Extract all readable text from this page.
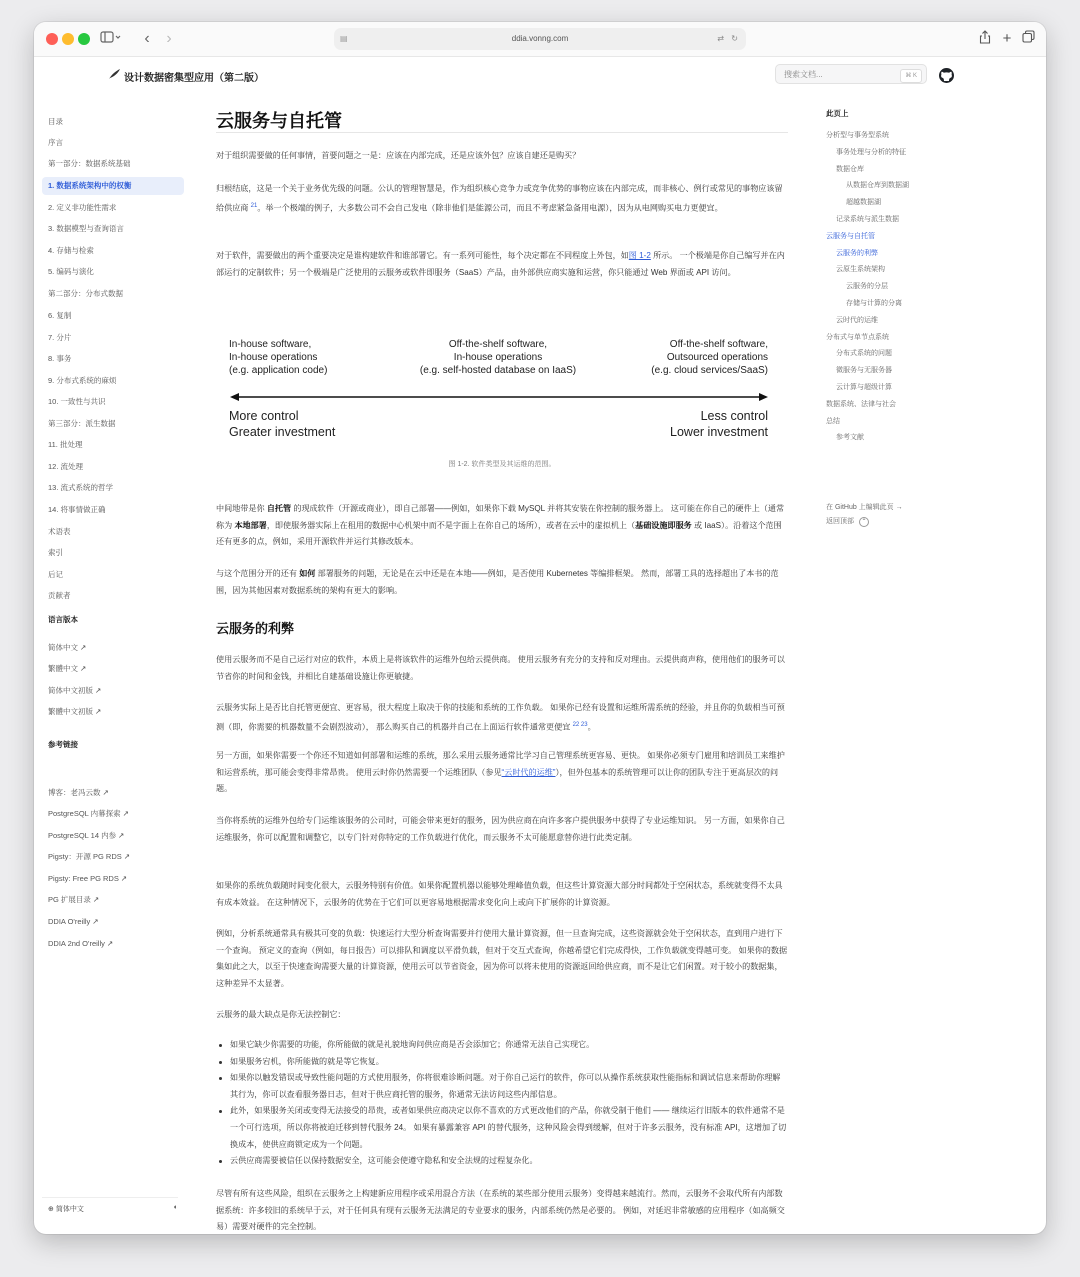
‹	›	ddia.vonng.com
▤	⇄ ↻	+
设计数据密集型应用（第二版）	搜索文档...	⌘ K
目录
序言
第一部分：数据系统基础
1. 数据系统架构中的权衡
2. 定义非功能性需求
3. 数据模型与查询语言
4. 存储与检索
5. 编码与演化
第二部分：分布式数据
6. 复制
7. 分片
8. 事务
9. 分布式系统的麻烦
10. 一致性与共识
第三部分：派生数据
11. 批处理
12. 流处理
13. 流式系统的哲学
14. 将事情做正确
术语表
索引
后记
贡献者
语言版本
简体中文 ↗
繁體中文 ↗
简体中文初版 ↗
繁體中文初版 ↗
参考链接
博客：老冯云数 ↗
PostgreSQL 内幕探索 ↗
PostgreSQL 14 内参 ↗
Pigsty：开源 PG RDS ↗
Pigsty: Free PG RDS ↗
PG 扩展目录 ↗
DDIA O'reilly ↗
DDIA 2nd O'reilly ↗
⊕ 简体中文	◐
云服务与自托管
对于组织需要做的任何事情，首要问题之一是：应该在内部完成，还是应该外包？应该自建还是购买？
归根结底，这是一个关于业务优先级的问题。公认的管理智慧是，作为组织核心竞争力或竞争优势的事物应该在内部完成，而非核心、例行或常见的事物应该留给供应商 $^{21}$。举一个极端的例子，大多数公司不会自己发电（除非他们是能源公司，而且不考虑紧急备用电源），因为从电网购买电力更便宜。
对于软件，需要做出的两个重要决定是谁构建软件和谁部署它。有一系列可能性，每个决定都在不同程度上外包，如图 1-2 所示。 一个极端是你自己编写并在内部运行的定制软件；另一个极端是广泛使用的云服务或软件即服务（SaaS）产品，由外部供应商实施和运营，你只能通过 Web 界面或 API 访问。
In-house software,
In-house operations
(e.g. application code)
Off-the-shelf software,
In-house operations
(e.g. self-hosted database on IaaS)
Off-the-shelf software,
Outsourced operations
(e.g. cloud services/SaaS)
More control
Greater investment
Less control
Lower investment
图 1-2. 软件类型及其运维的范围。
中间地带是你 自托管 的现成软件（开源或商业），即自己部署——例如，如果你下载 MySQL 并将其安装在你控制的服务器上。 这可能在你自己的硬件上（通常称为 本地部署，即使服务器实际上在租用的数据中心机架中而不是字面上在你自己的场所），或者在云中的虚拟机上（基础设施即服务 或 IaaS）。沿着这个范围还有更多的点，例如，采用开源软件并运行其修改版本。
与这个范围分开的还有 如何 部署服务的问题，无论是在云中还是在本地——例如，是否使用 Kubernetes 等编排框架。 然而，部署工具的选择超出了本书的范围，因为其他因素对数据系统的架构有更大的影响。
云服务的利弊
使用云服务而不是自己运行对应的软件，本质上是将该软件的运维外包给云提供商。 使用云服务有充分的支持和反对理由。云提供商声称，使用他们的服务可以节省你的时间和金钱，并相比自建基础设施让你更敏捷。
云服务实际上是否比自托管更便宜、更容易，很大程度上取决于你的技能和系统的工作负载。 如果你已经有设置和运维所需系统的经验，并且你的负载相当可预测（即，你需要的机器数量不会剧烈波动）， 那么购买自己的机器并自己在上面运行软件通常更便宜 $^{22 23}$。
另一方面，如果你需要一个你还不知道如何部署和运维的系统，那么采用云服务通常比学习自己管理系统更容易、更快。 如果你必须专门雇用和培训员工来维护和运营系统，那可能会变得非常昂贵。 使用云时你仍然需要一个运维团队（参见“云时代的运维”），但外包基本的系统管理可以让你的团队专注于更高层次的问题。
当你将系统的运维外包给专门运维该服务的公司时，可能会带来更好的服务，因为供应商在向许多客户提供服务中获得了专业运维知识。 另一方面，如果你自己运维服务，你可以配置和调整它，以专门针对你特定的工作负载进行优化，而云服务不太可能愿意替你进行此类定制。
如果你的系统负载随时间变化很大，云服务特别有价值。如果你配置机器以能够处理峰值负载，但这些计算资源大部分时间都处于空闲状态，系统就变得不太具有成本效益。 在这种情况下，云服务的优势在于它们可以更容易地根据需求变化向上或向下扩展你的计算资源。
例如，分析系统通常具有极其可变的负载：快速运行大型分析查询需要并行使用大量计算资源，但一旦查询完成，这些资源就会处于空闲状态，直到用户进行下一个查询。 预定义的查询（例如，每日报告）可以排队和调度以平滑负载，但对于交互式查询，你越希望它们完成得快，工作负载就变得越可变。 如果你的数据集如此之大，以至于快速查询需要大量的计算资源，使用云可以节省资金，因为你可以将未使用的资源返回给供应商，而不是让它们闲置。对于较小的数据集，这种差异不太显著。
云服务的最大缺点是你无法控制它：
如果它缺少你需要的功能，你所能做的就是礼貌地询问供应商是否会添加它；你通常无法自己实现它。
如果服务宕机，你所能做的就是等它恢复。
如果你以触发错误或导致性能问题的方式使用服务，你将很难诊断问题。对于你自己运行的软件，你可以从操作系统获取性能指标和调试信息来帮助你理解其行为，你可以查看服务器日志，但对于供应商托管的服务，你通常无法访问这些内部信息。
此外，如果服务关闭或变得无法接受的昂贵，或者如果供应商决定以你不喜欢的方式更改他们的产品，你就受制于他们 —— 继续运行旧版本的软件通常不是一个可行选项，所以你将被迫迁移到替代服务 24。 如果有暴露兼容 API 的替代服务，这种风险会得到缓解，但对于许多云服务，没有标准 API，这增加了切换成本，使供应商锁定成为一个问题。
云供应商需要被信任以保持数据安全，这可能会使遵守隐私和安全法规的过程复杂化。
尽管有所有这些风险，组织在云服务之上构建新应用程序或采用混合方法（在系统的某些部分使用云服务）变得越来越流行。然而，云服务不会取代所有内部数据系统：许多较旧的系统早于云，对于任何具有现有云服务无法满足的专业要求的服务，内部系统仍然是必要的。 例如，对延迟非常敏感的应用程序（如高频交易）需要对硬件的完全控制。
此页上
分析型与事务型系统
事务处理与分析的特征
数据仓库
从数据仓库到数据湖
超越数据湖
记录系统与派生数据
云服务与自托管
云服务的利弊
云原生系统架构
云服务的分层
存储与计算的分离
云时代的运维
分布式与单节点系统
分布式系统的问题
微服务与无服务器
云计算与超级计算
数据系统、法律与社会
总结
参考文献
在 GitHub 上编辑此页 →
返回顶部 ⌃
